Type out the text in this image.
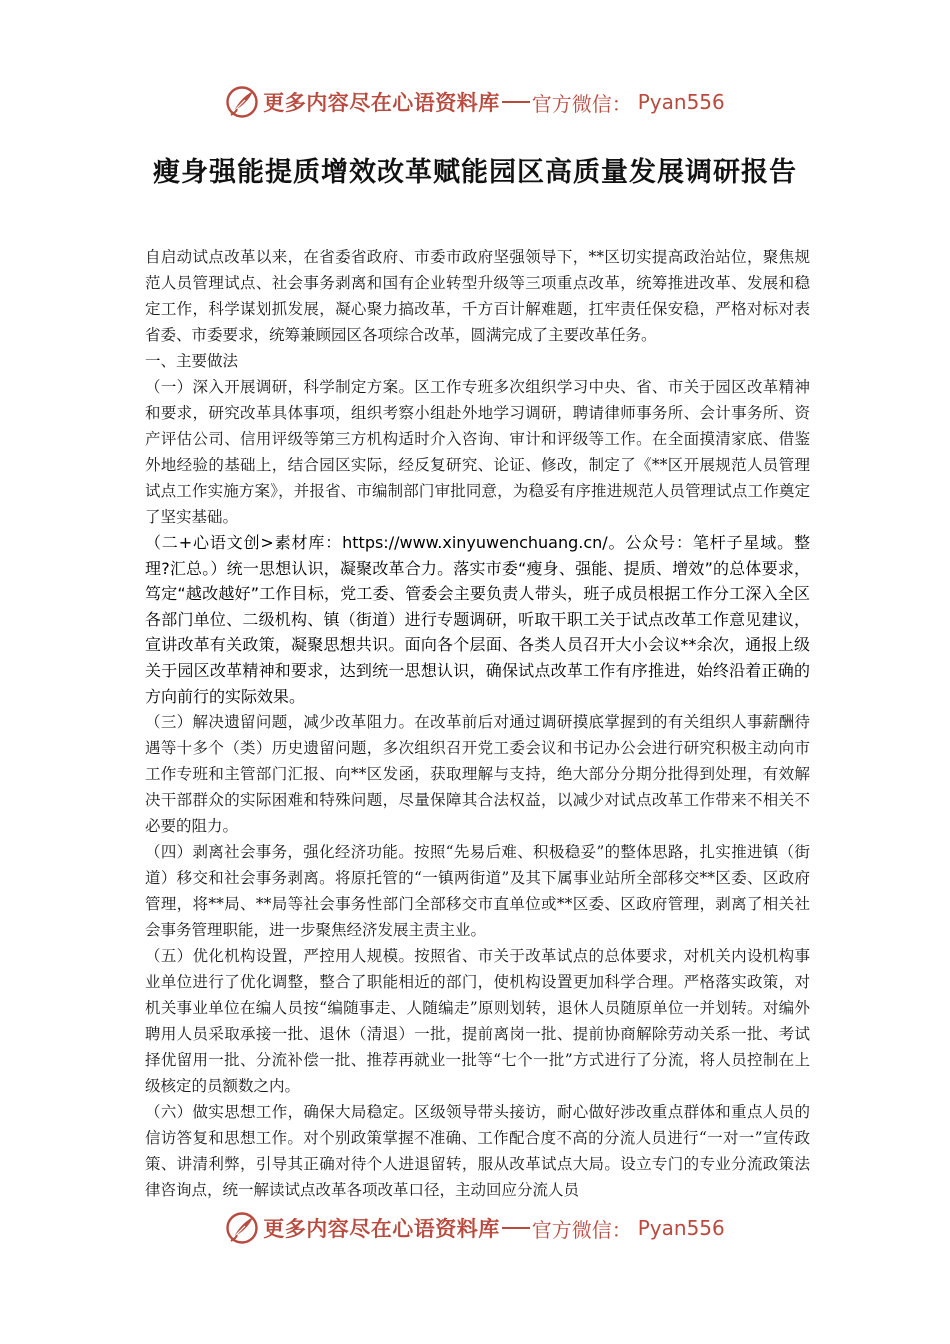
更多内容尽在心语资料库 官方微信： Pyan556
瘦身强能提质增效改革赋能园区高质量发展调研报告

自启动试点改革以来，在省委省政府、市委市政府坚强领导下，**区切实提高政治站位，聚焦规范人员管理试点、社会事务剥离和国有企业转型升级等三项重点改革，统筹推进改革、发展和稳定工作，科学谋划抓发展，凝心聚力搞改革，千方百计解难题，扛牢责任保安稳，严格对标对表省委、市委要求，统筹兼顾园区各项综合改革，圆满完成了主要改革任务。

一、主要做法

（一）深入开展调研，科学制定方案。区工作专班多次组织学习中央、省、市关于园区改革精神和要求，研究改革具体事项，组织考察小组赴外地学习调研，聘请律师事务所、会计事务所、资产评估公司、信用评级等第三方机构适时介入咨询、审计和评级等工作。在全面摸清家底、借鉴外地经验的基础上，结合园区实际，经反复研究、论证、修改，制定了《**区开展规范人员管理试点工作实施方案》，并报省、市编制部门审批同意，为稳妥有序推进规范人员管理试点工作奠定了坚实基础。

（二+心语文创>素材库：https://www.xinyuwenchuang.cn/。公众号：笔杆子星域。整理?汇总。）统一思想认识，凝聚改革合力。落实市委“瘦身、强能、提质、增效”的总体要求，笃定“越改越好”工作目标，党工委、管委会主要负责人带头，班子成员根据工作分工深入全区各部门单位、二级机构、镇（街道）进行专题调研，听取干职工关于试点改革工作意见建议，宣讲改革有关政策，凝聚思想共识。面向各个层面、各类人员召开大小会议**余次，通报上级关于园区改革精神和要求，达到统一思想认识，确保试点改革工作有序推进，始终沿着正确的方向前行的实际效果。

（三）解决遗留问题，减少改革阻力。在改革前后对通过调研摸底掌握到的有关组织人事薪酬待遇等十多个（类）历史遗留问题，多次组织召开党工委会议和书记办公会进行研究积极主动向市工作专班和主管部门汇报、向**区发函，获取理解与支持，绝大部分分期分批得到处理，有效解决干部群众的实际困难和特殊问题，尽量保障其合法权益，以减少对试点改革工作带来不相关不必要的阻力。

（四）剥离社会事务，强化经济功能。按照“先易后难、积极稳妥”的整体思路，扎实推进镇（街道）移交和社会事务剥离。将原托管的“一镇两街道”及其下属事业站所全部移交**区委、区政府管理，将**局、**局等社会事务性部门全部移交市直单位或**区委、区政府管理，剥离了相关社会事务管理职能，进一步聚焦经济发展主责主业。

（五）优化机构设置，严控用人规模。按照省、市关于改革试点的总体要求，对机关内设机构事业单位进行了优化调整，整合了职能相近的部门，使机构设置更加科学合理。严格落实政策，对机关事业单位在编人员按“编随事走、人随编走”原则划转，退休人员随原单位一并划转。对编外聘用人员采取承接一批、退休（清退）一批，提前离岗一批、提前协商解除劳动关系一批、考试择优留用一批、分流补偿一批、推荐再就业一批等“七个一批”方式进行了分流，将人员控制在上级核定的员额数之内。

（六）做实思想工作，确保大局稳定。区级领导带头接访，耐心做好涉改重点群体和重点人员的信访答复和思想工作。对个别政策掌握不准确、工作配合度不高的分流人员进行“一对一”宣传政策、讲清利弊，引导其正确对待个人进退留转，服从改革试点大局。设立专门的专业分流政策法律咨询点，统一解读试点改革各项改革口径，主动回应分流人员

更多内容尽在心语资料库 官方微信： Pyan556
